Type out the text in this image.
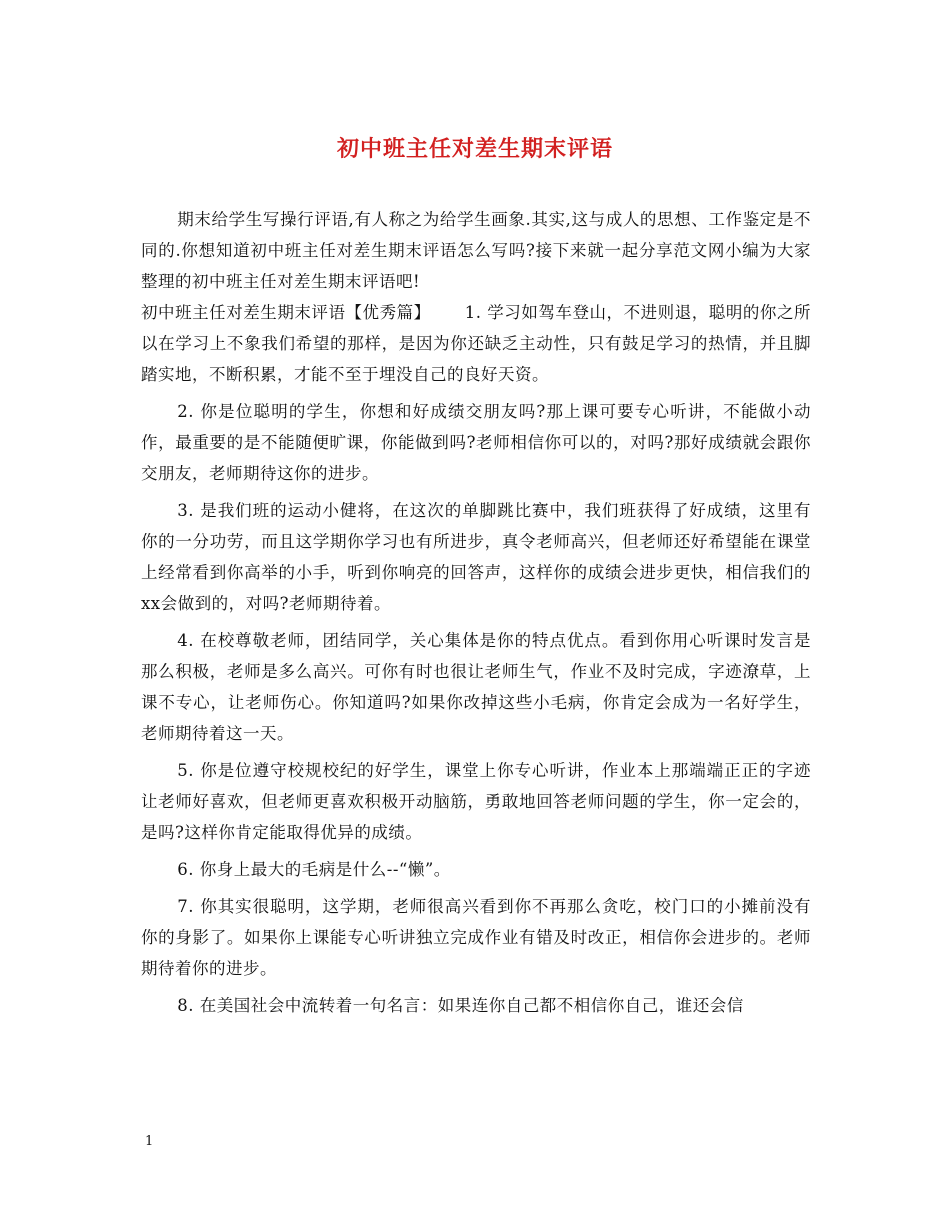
初中班主任对差生期末评语

期末给学生写操行评语,有人称之为给学生画象.其实,这与成人的思想、工作鉴定是不同的.你想知道初中班主任对差生期末评语怎么写吗?接下来就一起分享范文网小编为大家整理的初中班主任对差生期末评语吧!

初中班主任对差生期末评语【优秀篇】 1. 学习如驾车登山，不进则退，聪明的你之所以在学习上不象我们希望的那样，是因为你还缺乏主动性，只有鼓足学习的热情，并且脚踏实地，不断积累，才能不至于埋没自己的良好天资。

2. 你是位聪明的学生，你想和好成绩交朋友吗?那上课可要专心听讲，不能做小动作，最重要的是不能随便旷课，你能做到吗?老师相信你可以的，对吗?那好成绩就会跟你交朋友，老师期待这你的进步。

3. 是我们班的运动小健将，在这次的单脚跳比赛中，我们班获得了好成绩，这里有你的一分功劳，而且这学期你学习也有所进步，真令老师高兴，但老师还好希望能在课堂上经常看到你高举的小手，听到你响亮的回答声，这样你的成绩会进步更快，相信我们的xx会做到的，对吗?老师期待着。

4. 在校尊敬老师，团结同学，关心集体是你的特点优点。看到你用心听课时发言是那么积极，老师是多么高兴。可你有时也很让老师生气，作业不及时完成，字迹潦草，上课不专心，让老师伤心。你知道吗?如果你改掉这些小毛病，你肯定会成为一名好学生，老师期待着这一天。

5. 你是位遵守校规校纪的好学生，课堂上你专心听讲，作业本上那端端正正的字迹让老师好喜欢，但老师更喜欢积极开动脑筋，勇敢地回答老师问题的学生，你一定会的，是吗?这样你肯定能取得优异的成绩。

6. 你身上最大的毛病是什么--“懒”。

7. 你其实很聪明，这学期，老师很高兴看到你不再那么贪吃，校门口的小摊前没有你的身影了。如果你上课能专心听讲独立完成作业有错及时改正，相信你会进步的。老师期待着你的进步。

8. 在美国社会中流转着一句名言：如果连你自己都不相信你自己，谁还会信

1
